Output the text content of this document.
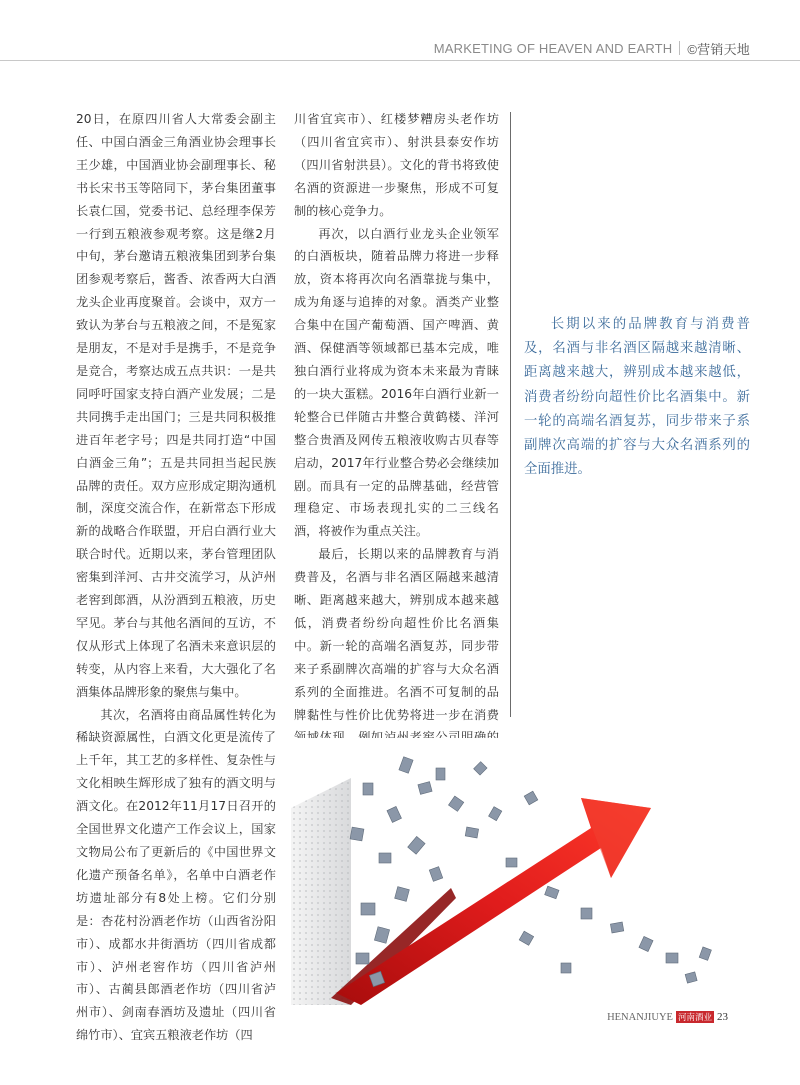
MARKETING OF HEAVEN AND EARTH ©营销天地

20日，在原四川省人大常委会副主任、中国白酒金三角酒业协会理事长王少雄，中国酒业协会副理事长、秘书长宋书玉等陪同下，茅台集团董事长袁仁国，党委书记、总经理李保芳一行到五粮液参观考察。这是继2月中旬，茅台邀请五粮液集团到茅台集团参观考察后，酱香、浓香两大白酒龙头企业再度聚首。会谈中，双方一致认为茅台与五粮液之间，不是冤家是朋友，不是对手是携手，不是竞争是竞合，考察达成五点共识：一是共同呼吁国家支持白酒产业发展；二是共同携手走出国门；三是共同积极推进百年老字号；四是共同打造“中国白酒金三角”；五是共同担当起民族品牌的责任。双方应形成定期沟通机制，深度交流合作，在新常态下形成新的战略合作联盟，开启白酒行业大联合时代。近期以来，茅台管理团队密集到洋河、古井交流学习，从泸州老窖到郎酒，从汾酒到五粮液，历史罕见。茅台与其他名酒间的互访，不仅从形式上体现了名酒未来意识层的转变，从内容上来看，大大强化了名酒集体品牌形象的聚焦与集中。

其次，名酒将由商品属性转化为稀缺资源属性，白酒文化更是流传了上千年，其工艺的多样性、复杂性与文化相映生辉形成了独有的酒文明与酒文化。在2012年11月17日召开的全国世界文化遗产工作会议上，国家文物局公布了更新后的《中国世界文化遗产预备名单》，名单中白酒老作坊遗址部分有8处上榜。它们分别是：杏花村汾酒老作坊（山西省汾阳市）、成都水井街酒坊（四川省成都市）、泸州老窖作坊（四川省泸州市）、古蔺县郎酒老作坊（四川省泸州市）、剑南春酒坊及遗址（四川省绵竹市）、宜宾五粮液老作坊（四

川省宜宾市）、红楼梦糟房头老作坊（四川省宜宾市）、射洪县泰安作坊（四川省射洪县）。文化的背书将致使名酒的资源进一步聚焦，形成不可复制的核心竞争力。

再次，以白酒行业龙头企业领军的白酒板块，随着品牌力将进一步释放，资本将再次向名酒靠拢与集中，成为角逐与追捧的对象。酒类产业整合集中在国产葡萄酒、国产啤酒、黄酒、保健酒等领域都已基本完成，唯独白酒行业将成为资本未来最为青睐的一块大蛋糕。2016年白酒行业新一轮整合已伴随古井整合黄鹤楼、洋河整合贵酒及网传五粮液收购古贝春等启动，2017年行业整合势必会继续加剧。而具有一定的品牌基础，经营管理稳定、市场表现扎实的二三线名酒，将被作为重点关注。

最后，长期以来的品牌教育与消费普及，名酒与非名酒区隔越来越清晰、距离越来越大，辨别成本越来越低，消费者纷纷向超性价比名酒集中。新一轮的高端名酒复苏，同步带来子系副牌次高端的扩容与大众名酒系列的全面推进。名酒不可复制的品牌黏性与性价比优势将进一步在消费

长期以来的品牌教育与消费普及，名酒与非名酒区隔越来越清晰、距离越来越大，辨别成本越来越低，消费者纷纷向超性价比名酒集中。新一轮的高端名酒复苏，同步带来子系副牌次高端的扩容与大众名酒系列的全面推进。

HENANJIUYE 河南酒业 23
